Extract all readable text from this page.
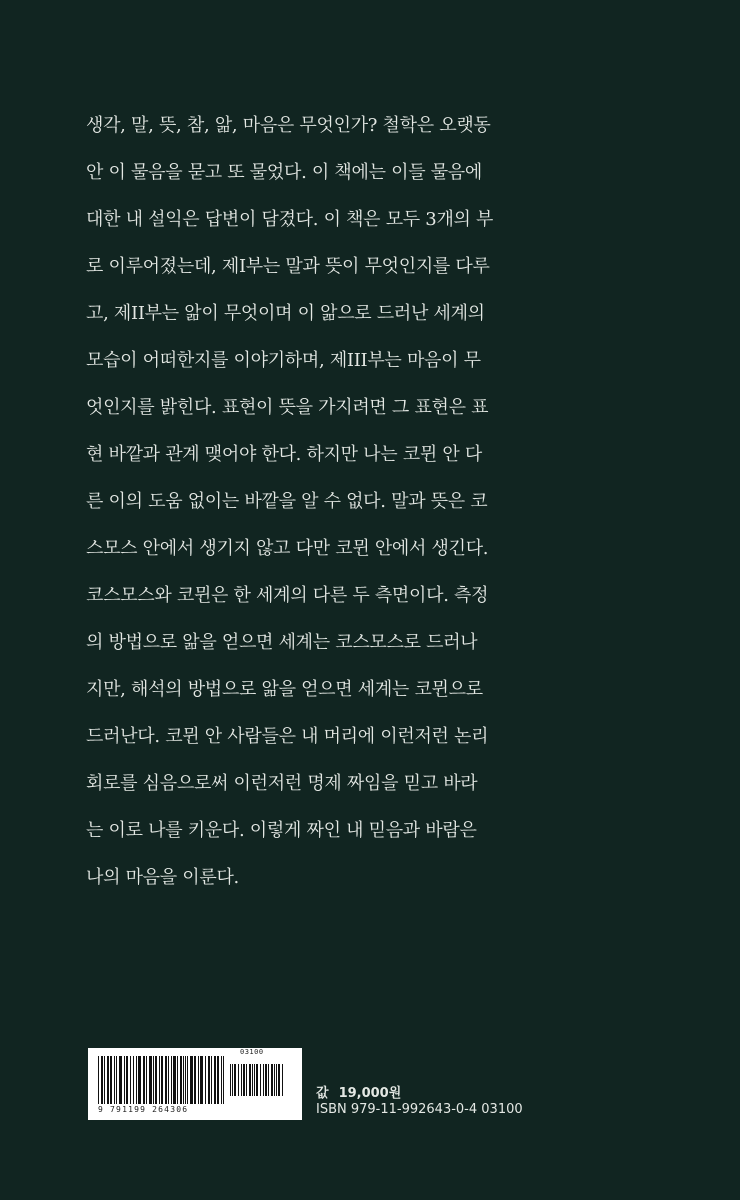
생각, 말, 뜻, 참, 앎, 마음은 무엇인가? 철학은 오랫동
안 이 물음을 묻고 또 물었다. 이 책에는 이들 물음에
대한 내 설익은 답변이 담겼다. 이 책은 모두 3개의 부
로 이루어졌는데, 제I부는 말과 뜻이 무엇인지를 다루
고, 제II부는 앎이 무엇이며 이 앎으로 드러난 세계의
모습이 어떠한지를 이야기하며, 제III부는 마음이 무
엇인지를 밝힌다. 표현이 뜻을 가지려면 그 표현은 표
현 바깥과 관계 맺어야 한다. 하지만 나는 코뮌 안 다
른 이의 도움 없이는 바깥을 알 수 없다. 말과 뜻은 코
스모스 안에서 생기지 않고 다만 코뮌 안에서 생긴다.
코스모스와 코뮌은 한 세계의 다른 두 측면이다. 측정
의 방법으로 앎을 얻으면 세계는 코스모스로 드러나
지만, 해석의 방법으로 앎을 얻으면 세계는 코뮌으로
드러난다. 코뮌 안 사람들은 내 머리에 이런저런 논리
회로를 심음으로써 이런저런 명제 짜임을 믿고 바라
는 이로 나를 키운다. 이렇게 짜인 내 믿음과 바람은
나의 마음을 이룬다.
03100
9 791199 264306
값 19,000원
ISBN 979-11-992643-0-4 03100
